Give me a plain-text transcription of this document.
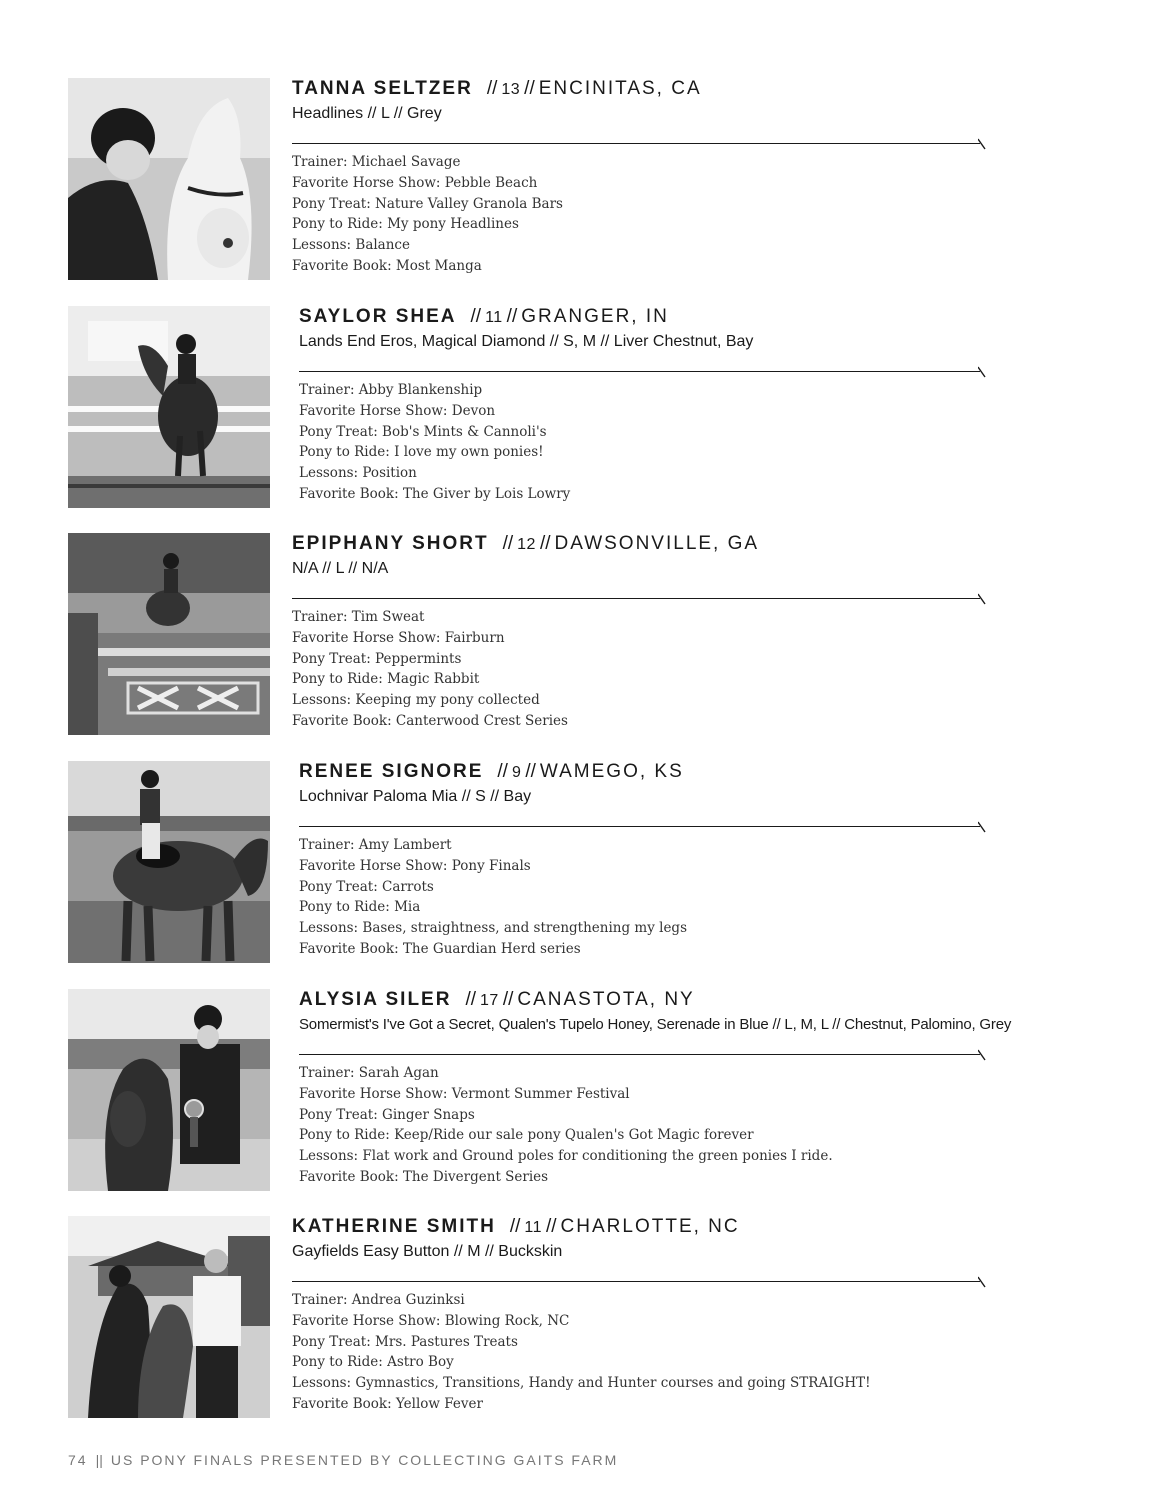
TANNA SELTZER // 13 // ENCINITAS, CA
Headlines // L // Grey
Trainer: Michael Savage
Favorite Horse Show: Pebble Beach
Pony Treat: Nature Valley Granola Bars
Pony to Ride: My pony Headlines
Lessons: Balance
Favorite Book: Most Manga
SAYLOR SHEA // 11 // GRANGER, IN
Lands End Eros, Magical Diamond // S, M // Liver Chestnut, Bay
Trainer: Abby Blankenship
Favorite Horse Show: Devon
Pony Treat: Bob's Mints & Cannoli's
Pony to Ride: I love my own ponies!
Lessons: Position
Favorite Book: The Giver by Lois Lowry
EPIPHANY SHORT // 12 // DAWSONVILLE, GA
N/A // L // N/A
Trainer: Tim Sweat
Favorite Horse Show: Fairburn
Pony Treat: Peppermints
Pony to Ride: Magic Rabbit
Lessons: Keeping my pony collected
Favorite Book: Canterwood Crest Series
RENEE SIGNORE // 9 // WAMEGO, KS
Lochnivar Paloma Mia // S // Bay
Trainer: Amy Lambert
Favorite Horse Show: Pony Finals
Pony Treat: Carrots
Pony to Ride: Mia
Lessons: Bases, straightness, and strengthening my legs
Favorite Book: The Guardian Herd series
ALYSIA SILER // 17 // CANASTOTA, NY
Somermist's I've Got a Secret, Qualen's Tupelo Honey, Serenade in Blue // L, M, L // Chestnut, Palomino, Grey
Trainer: Sarah Agan
Favorite Horse Show: Vermont Summer Festival
Pony Treat: Ginger Snaps
Pony to Ride: Keep/Ride our sale pony Qualen's Got Magic forever
Lessons: Flat work and Ground poles for conditioning the green ponies I ride.
Favorite Book: The Divergent Series
KATHERINE SMITH // 11 // CHARLOTTE, NC
Gayfields Easy Button // M // Buckskin
Trainer: Andrea Guzinksi
Favorite Horse Show: Blowing Rock, NC
Pony Treat: Mrs. Pastures Treats
Pony to Ride: Astro Boy
Lessons: Gymnastics, Transitions, Handy and Hunter courses and going STRAIGHT!
Favorite Book: Yellow Fever
74 || US PONY FINALS PRESENTED BY COLLECTING GAITS FARM
